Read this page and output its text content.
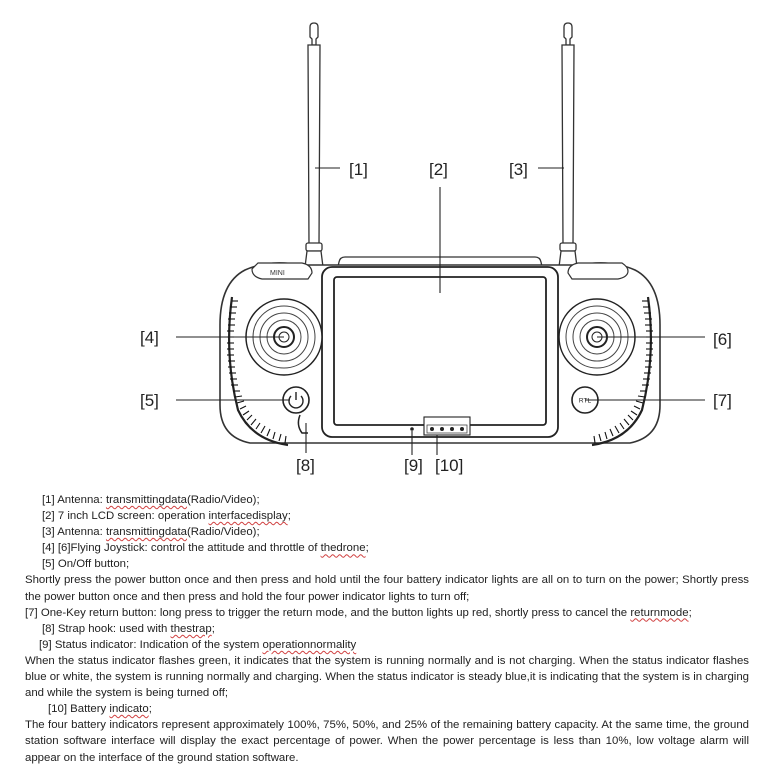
MINI
RTL
[1]	[2]	[3]
[4]
[5]
[6]
[7]
[8]	[9] [10]
[1] Antenna: transmittingdata(Radio/Video);
[2] 7 inch LCD screen: operation interfacedisplay;
[3] Antenna: transmittingdata(Radio/Video);
[4] [6]Flying Joystick: control the attitude and throttle of thedrone;
[5] On/Off button;
Shortly press the power button once and then press and hold until the four battery indicator lights are all on to turn on the power; Shortly press the power button once and then press and hold the four power indicator lights to turn off;
[7] One-Key return button: long press to trigger the return mode, and the button lights up red, shortly press to cancel the returnmode;
[8] Strap hook: used with thestrap;
[9] Status indicator: Indication of the system operationnormality
When the status indicator flashes green, it indicates that the system is running normally and is not charging. When the status indicator flashes blue or white, the system is running normally and charging. When the status indicator is steady blue,it is indicating that the system is in charging and while the system is being turned off;
[10] Battery indicato;
The four battery indicators represent approximately 100%, 75%, 50%, and 25% of the remaining battery capacity. At the same time, the ground station software interface will display the exact percentage of power. When the power percentage is less than 10%, low voltage alarm will appear on the interface of the ground station software.
